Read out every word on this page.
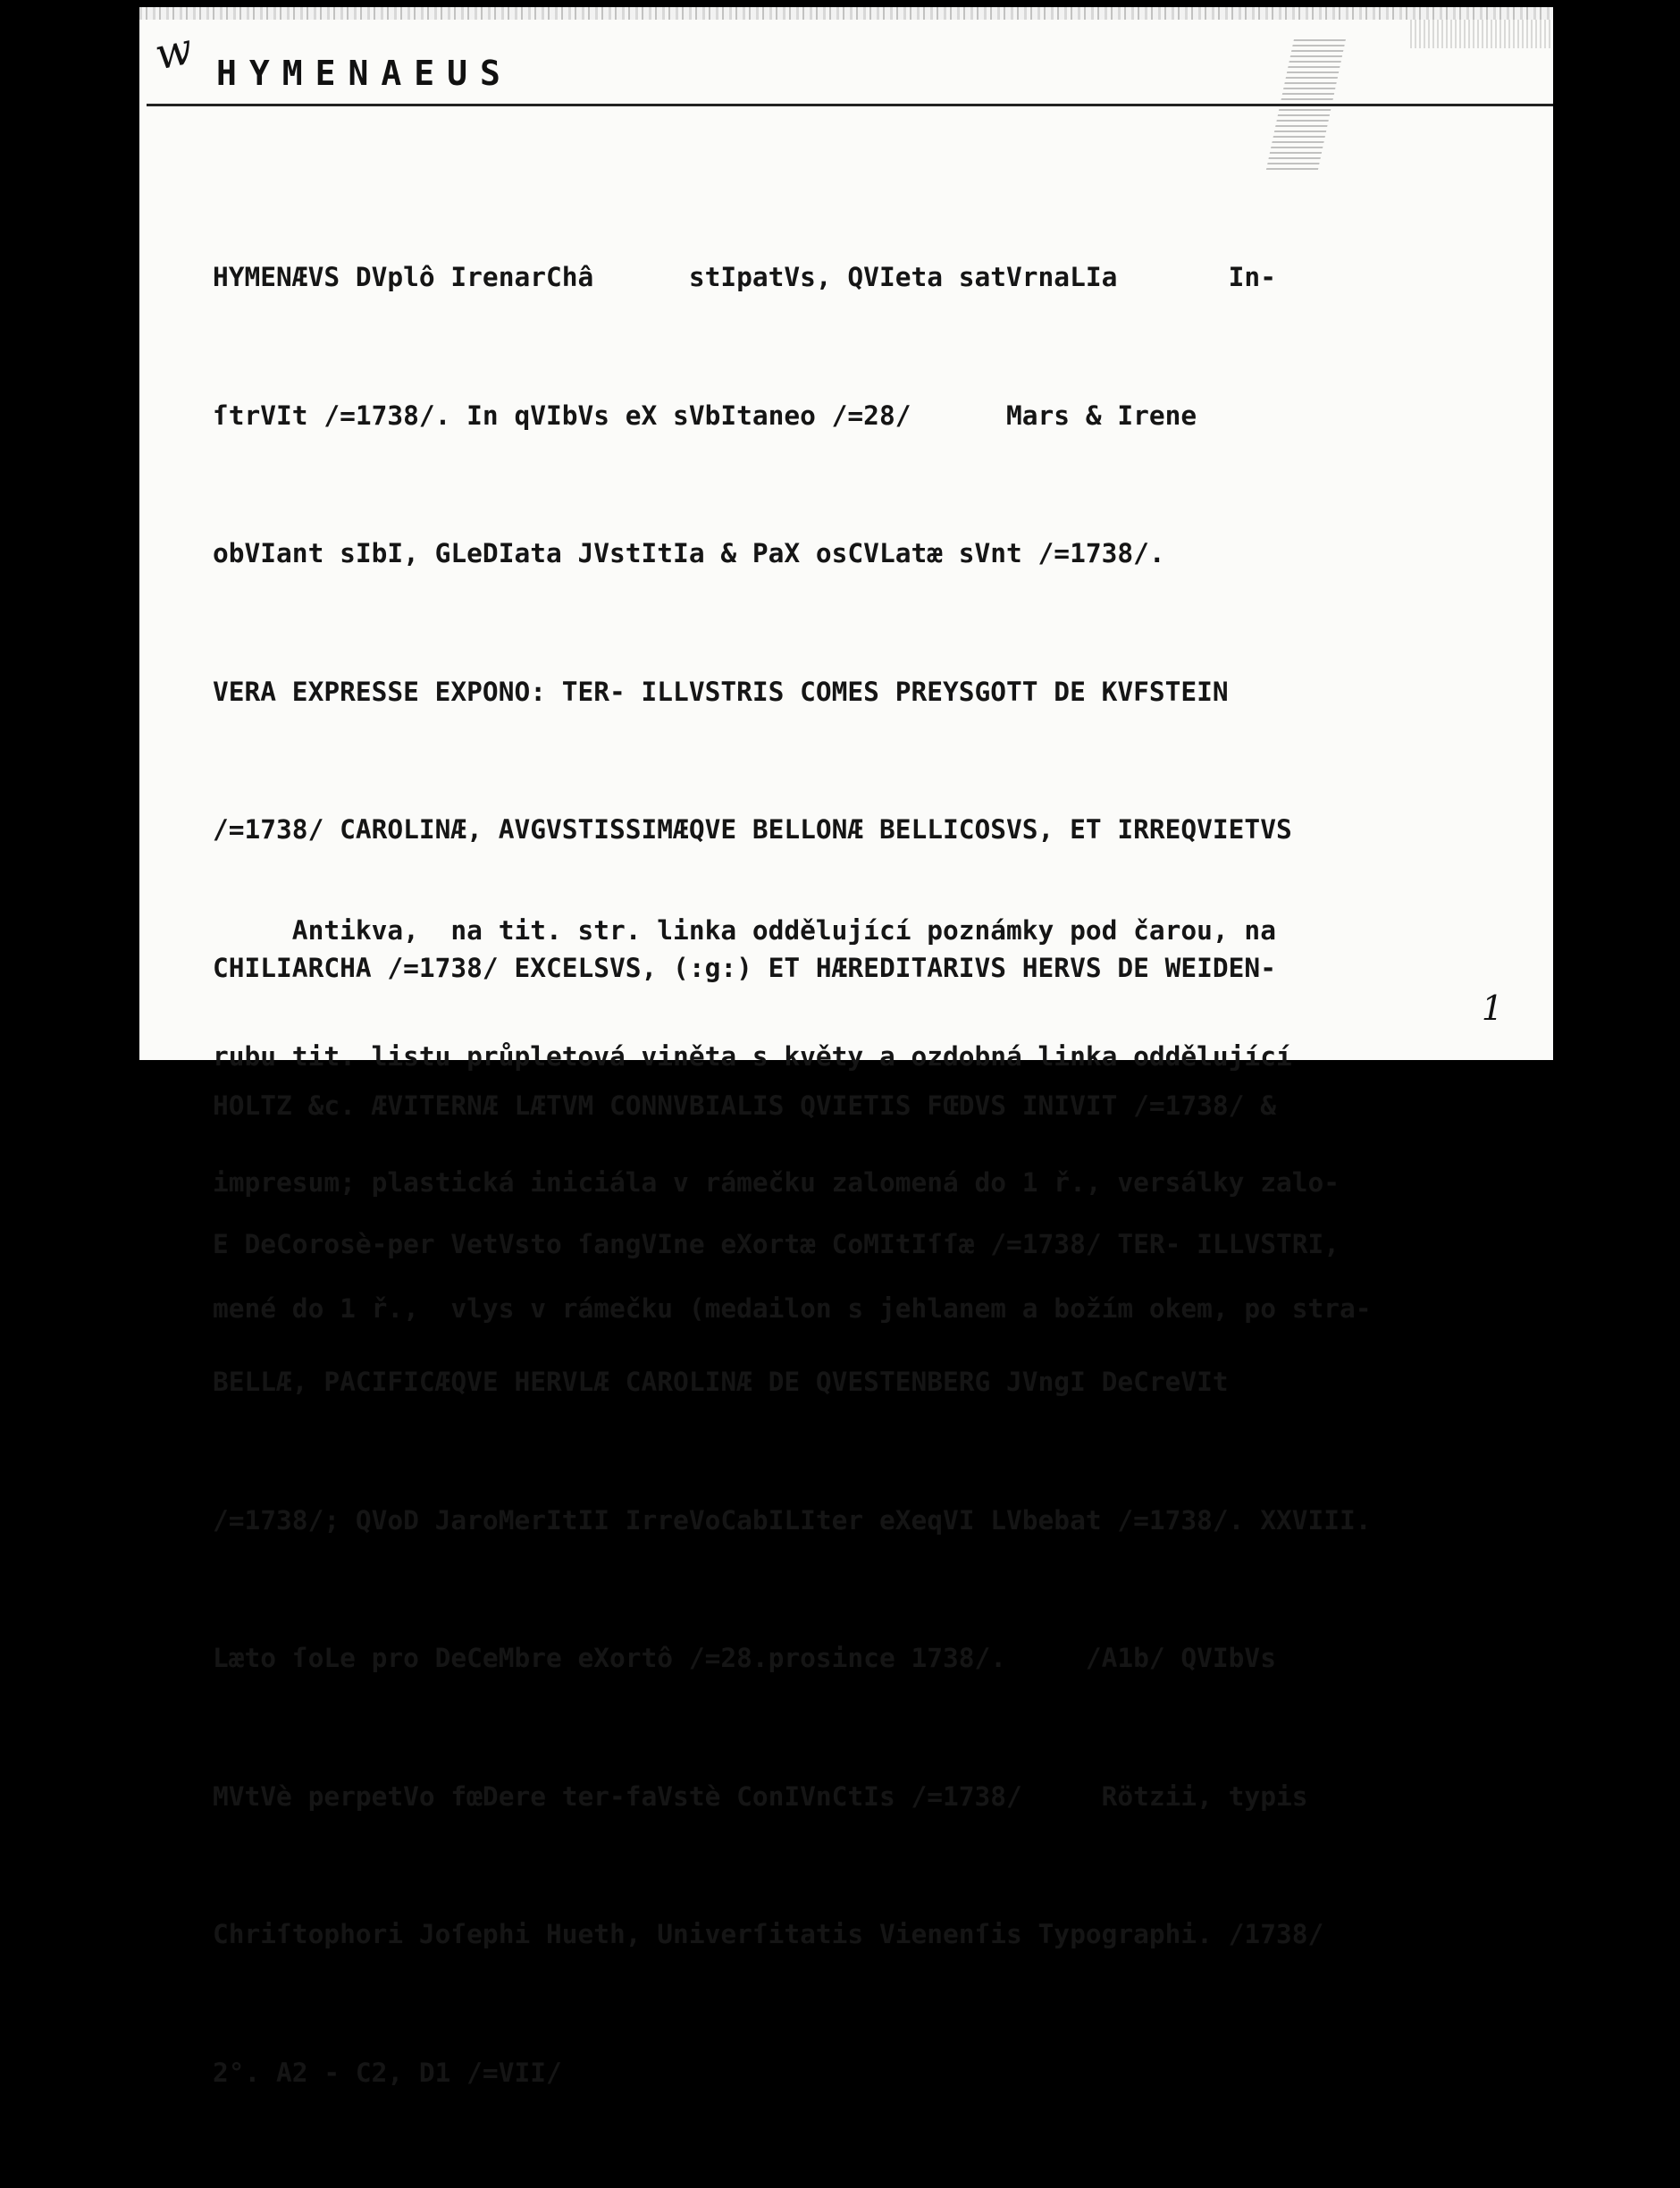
w HYMENAEUS

HYMENÆVS DVplô IrenarChâ      stIpatVs, QVIeta satVrnaLIa       In-

ſtrVIt /=1738/. In qVIbVs eX sVbItaneo /=28/      Mars & Irene

obVIant sIbI, GLeDIata JVstItIa & PaX osCVLatæ sVnt /=1738/.

VERA EXPRESSE EXPONO: TER- ILLVSTRIS COMES PREYSGOTT DE KVFSTEIN

/=1738/ CAROLINÆ, AVGVSTISSIMÆQVE BELLONÆ BELLICOSVS, ET IRREQVIETVS

CHILIARCHA /=1738/ EXCELSVS, (:g:) ET HÆREDITARIVS HERVS DE WEIDEN-

HOLTZ &c. ÆVITERNÆ LÆTVM CONNVBIALIS QVIETIS FŒDVS INIVIT /=1738/ &

E DeCorosè-per VetVsto ſangVIne eXortæ CoMItIſſæ /=1738/ TER- ILLVSTRI,

BELLÆ, PACIFICÆQVE HERVLÆ CAROLINÆ DE QVESTENBERG JVngI DeCreVIt

/=1738/; QVoD JaroMerItII IrreVoCabILIter eXeqVI LVbebat /=1738/. XXVIII.

Læto ſoLe pro DeCeMbre eXortô /=28.prosince 1738/.     /A1b/ QVIbVs

MVtVè perpetVo fœDere ter-faVstè ConIVnCtIs /=1738/     Rötzii, typis

Chriſtophori Joſephi Hueth, Univerſitatis Vienenſis Typographi. /1738/

2°. A2 - C2, D1 /=VII/

Antikva,  na tit. str. linka oddělující poznámky pod čarou, na

rubu tit. listu průpletová viněta s květy a ozdobná linka oddělující

impresum; plastická iniciála v rámečku zalomená do 1 ř., versálky zalo-

mené do 1 ř.,  vlys v rámečku (medailon s jehlanem a božím okem, po stra-

1
